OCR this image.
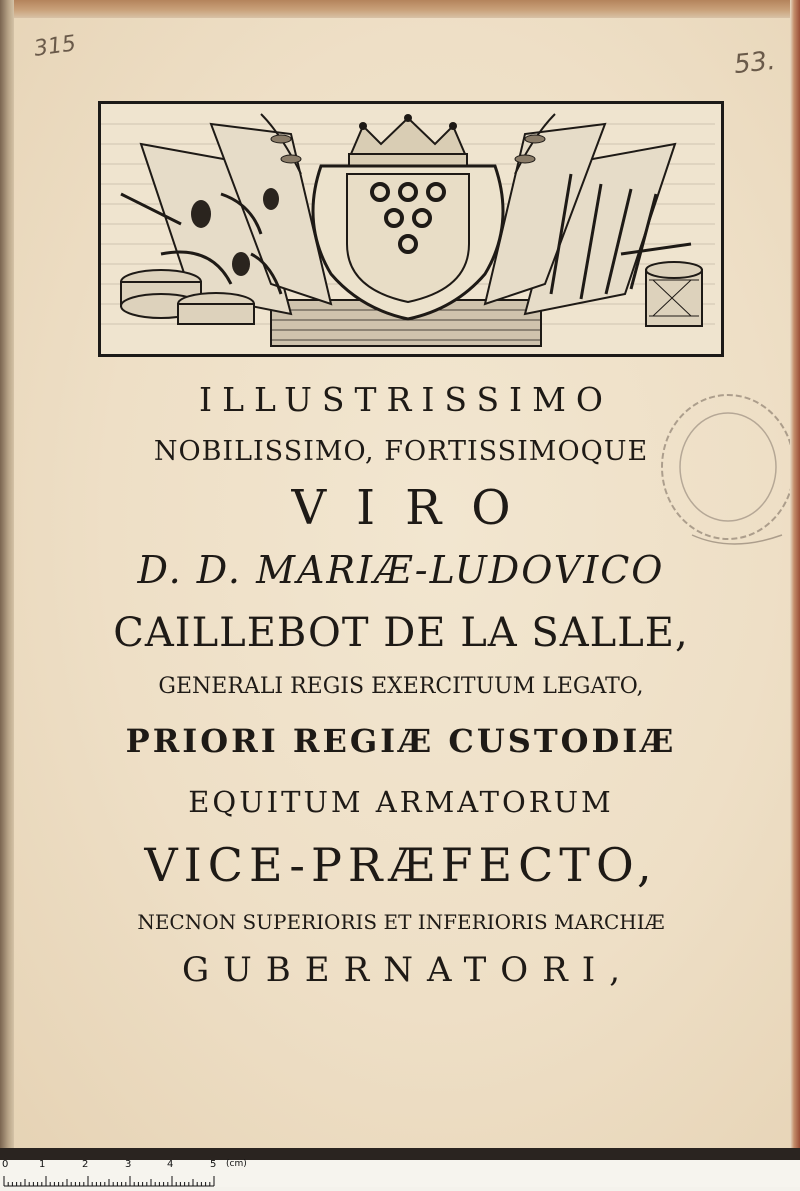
315	53.
ILLUSTRISSIMO
NOBILISSIMO, FORTISSIMOQUE
VIRO
D. D. MARIÆ-LUDOVICO
CAILLEBOT DE LA SALLE,
GENERALI REGIS EXERCITUUM LEGATO,
PRIORI REGIÆ CUSTODIÆ
EQUITUM ARMATORUM
VICE-PRÆFECTO,
NECNON SUPERIORIS ET INFERIORIS MARCHIÆ
GUBERNATORI,
0	1	2	3	4	5 (cm)
